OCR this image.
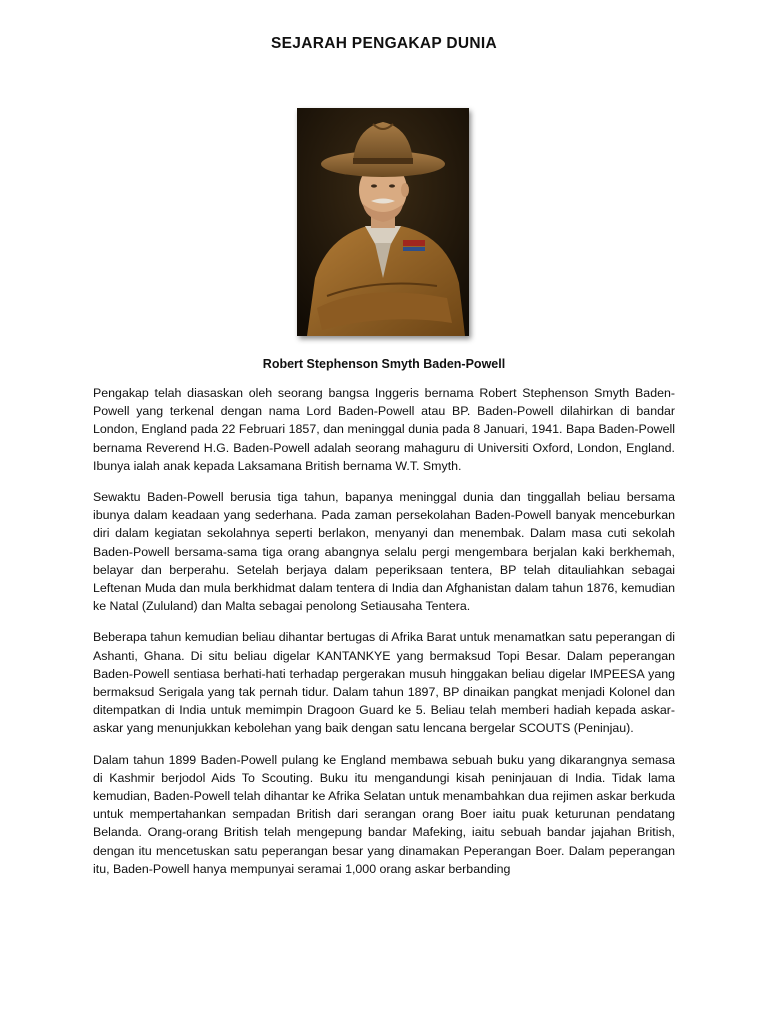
SEJARAH PENGAKAP DUNIA
Robert Stephenson Smyth Baden-Powell

Pengakap telah diasaskan oleh seorang bangsa Inggeris bernama Robert Stephenson Smyth Baden-Powell yang terkenal dengan nama Lord Baden-Powell atau BP. Baden-Powell dilahirkan di bandar London, England pada 22 Februari 1857, dan meninggal dunia pada 8 Januari, 1941. Bapa Baden-Powell bernama Reverend H.G. Baden-Powell adalah seorang mahaguru di Universiti Oxford, London, England. Ibunya ialah anak kepada Laksamana British bernama W.T. Smyth.

Sewaktu Baden-Powell berusia tiga tahun, bapanya meninggal dunia dan tinggallah beliau bersama ibunya dalam keadaan yang sederhana. Pada zaman persekolahan Baden-Powell banyak menceburkan diri dalam kegiatan sekolahnya seperti berlakon, menyanyi dan menembak. Dalam masa cuti sekolah Baden-Powell bersama-sama tiga orang abangnya selalu pergi mengembara berjalan kaki berkhemah, belayar dan berperahu. Setelah berjaya dalam peperiksaan tentera, BP telah ditauliahkan sebagai Leftenan Muda dan mula berkhidmat dalam tentera di India dan Afghanistan dalam tahun 1876, kemudian ke Natal (Zululand) dan Malta sebagai penolong Setiausaha Tentera.

Beberapa tahun kemudian beliau dihantar bertugas di Afrika Barat untuk menamatkan satu peperangan di Ashanti, Ghana. Di situ beliau digelar KANTANKYE yang bermaksud Topi Besar. Dalam peperangan Baden-Powell sentiasa berhati-hati terhadap pergerakan musuh hinggakan beliau digelar IMPEESA yang bermaksud Serigala yang tak pernah tidur. Dalam tahun 1897, BP dinaikan pangkat menjadi Kolonel dan ditempatkan di India untuk memimpin Dragoon Guard ke 5. Beliau telah memberi hadiah kepada askar-askar yang menunjukkan kebolehan yang baik dengan satu lencana bergelar SCOUTS (Peninjau).

Dalam tahun 1899 Baden-Powell pulang ke England membawa sebuah buku yang dikarangnya semasa di Kashmir berjodol Aids To Scouting. Buku itu mengandungi kisah peninjauan di India. Tidak lama kemudian, Baden-Powell telah dihantar ke Afrika Selatan untuk menambahkan dua rejimen askar berkuda untuk mempertahankan sempadan British dari serangan orang Boer iaitu puak keturunan pendatang Belanda. Orang-orang British telah mengepung bandar Mafeking, iaitu sebuah bandar jajahan British, dengan itu mencetuskan satu peperangan besar yang dinamakan Peperangan Boer. Dalam peperangan itu, Baden-Powell hanya mempunyai seramai 1,000 orang askar berbanding
